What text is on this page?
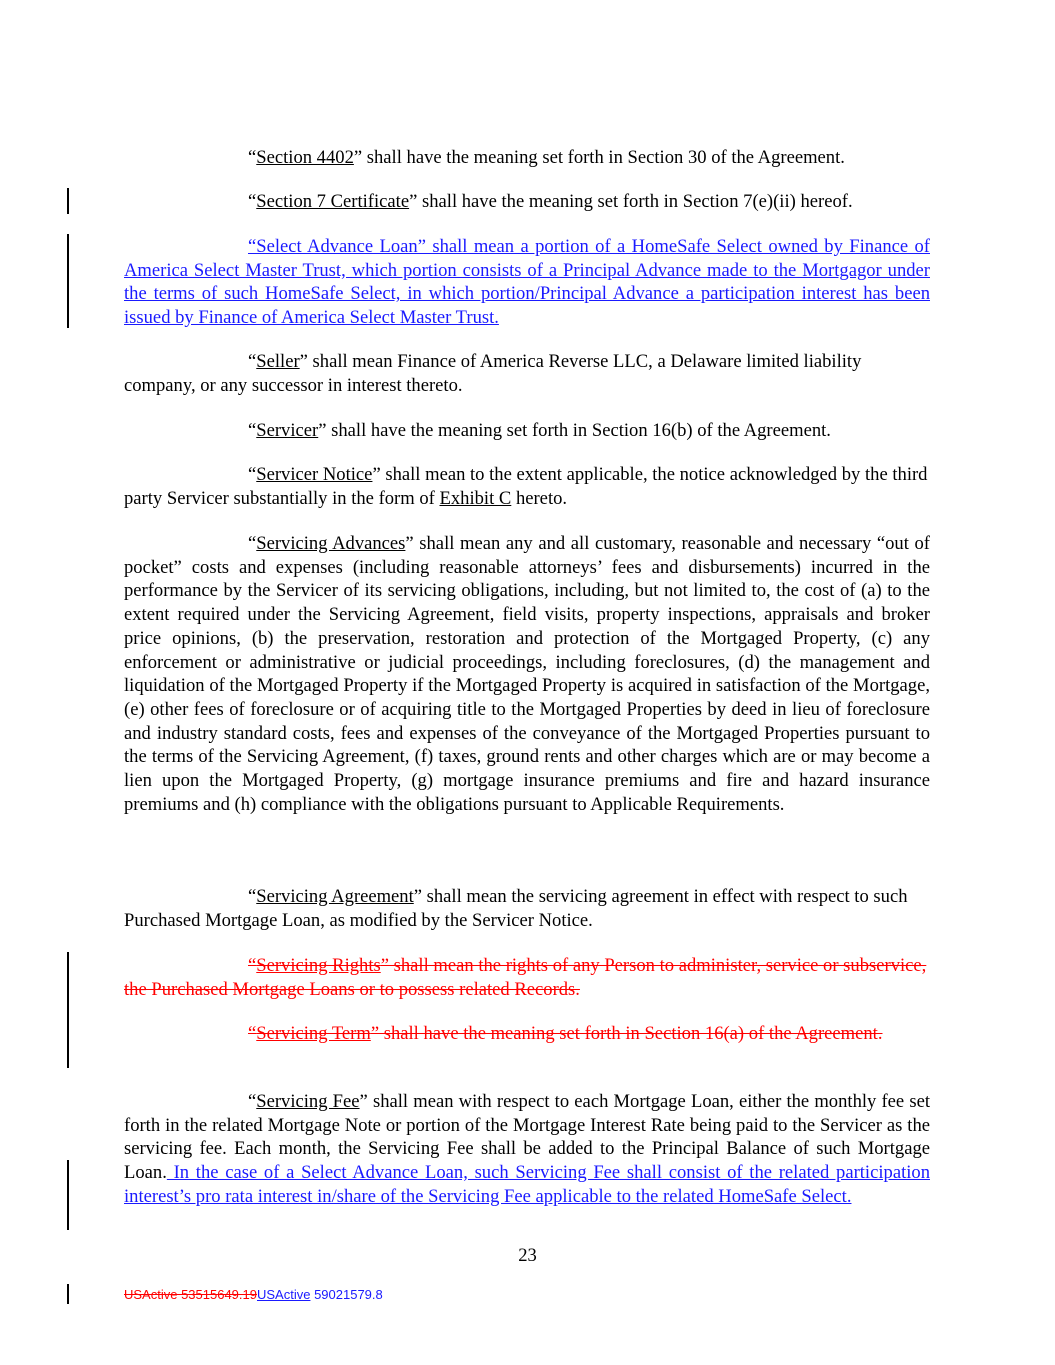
“Section 4402” shall have the meaning set forth in Section 30 of the Agreement.
“Section 7 Certificate” shall have the meaning set forth in Section 7(e)(ii) hereof.
“Select Advance Loan” shall mean a portion of a HomeSafe Select owned by Finance of America Select Master Trust, which portion consists of a Principal Advance made to the Mortgagor under the terms of such HomeSafe Select, in which portion/Principal Advance a participation interest has been issued by Finance of America Select Master Trust.
“Seller” shall mean Finance of America Reverse LLC, a Delaware limited liability company, or any successor in interest thereto.
“Servicer” shall have the meaning set forth in Section 16(b) of the Agreement.
“Servicer Notice” shall mean to the extent applicable, the notice acknowledged by the third party Servicer substantially in the form of Exhibit C hereto.
“Servicing Advances” shall mean any and all customary, reasonable and necessary “out of pocket” costs and expenses (including reasonable attorneys’ fees and disbursements) incurred in the performance by the Servicer of its servicing obligations, including, but not limited to, the cost of (a) to the extent required under the Servicing Agreement, field visits, property inspections, appraisals and broker price opinions, (b) the preservation, restoration and protection of the Mortgaged Property, (c) any enforcement or administrative or judicial proceedings, including foreclosures, (d) the management and liquidation of the Mortgaged Property if the Mortgaged Property is acquired in satisfaction of the Mortgage, (e) other fees of foreclosure or of acquiring title to the Mortgaged Properties by deed in lieu of foreclosure and industry standard costs, fees and expenses of the conveyance of the Mortgaged Properties pursuant to the terms of the Servicing Agreement, (f) taxes, ground rents and other charges which are or may become a lien upon the Mortgaged Property, (g) mortgage insurance premiums and fire and hazard insurance premiums and (h) compliance with the obligations pursuant to Applicable Requirements.
“Servicing Agreement” shall mean the servicing agreement in effect with respect to such Purchased Mortgage Loan, as modified by the Servicer Notice.
“Servicing Rights” shall mean the rights of any Person to administer, service or subservice, the Purchased Mortgage Loans or to possess related Records.
“Servicing Term” shall have the meaning set forth in Section 16(a) of the Agreement.
“Servicing Fee” shall mean with respect to each Mortgage Loan, either the monthly fee set forth in the related Mortgage Note or portion of the Mortgage Interest Rate being paid to the Servicer as the servicing fee. Each month, the Servicing Fee shall be added to the Principal Balance of such Mortgage Loan. In the case of a Select Advance Loan, such Servicing Fee shall consist of the related participation interest’s pro rata interest in/share of the Servicing Fee applicable to the related HomeSafe Select.
23
USActive 53515649.19USActive 59021579.8
